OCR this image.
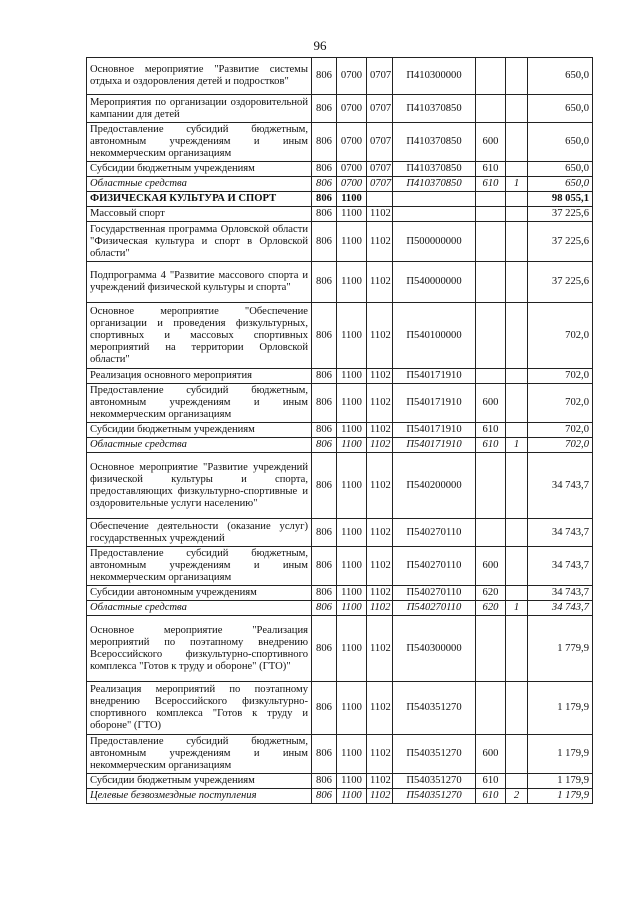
96
Основное мероприятие "Развитие системы отдыха и оздоровления детей и подростков"	806	0700	0707	П410300000			650,0
Мероприятия по организации оздоровительной кампании для детей	806	0700	0707	П410370850			650,0
Предоставление субсидий бюджетным, автономным учреждениям и иным некоммерческим организациям	806	0700	0707	П410370850	600		650,0
Субсидии бюджетным учреждениям	806	0700	0707	П410370850	610		650,0
Областные средства	806	0700	0707	П410370850	610	1	650,0
ФИЗИЧЕСКАЯ КУЛЬТУРА И СПОРТ	806	1100					98 055,1
Массовый спорт	806	1100	1102				37 225,6
Государственная программа Орловской области "Физическая культура и спорт в Орловской области"	806	1100	1102	П500000000			37 225,6
Подпрограмма 4 "Развитие массового спорта и учреждений физической культуры и спорта"	806	1100	1102	П540000000			37 225,6
Основное мероприятие "Обеспечение организации и проведения физкультурных, спортивных и массовых спортивных мероприятий на территории Орловской области"	806	1100	1102	П540100000			702,0
Реализация основного мероприятия	806	1100	1102	П540171910			702,0
Предоставление субсидий бюджетным, автономным учреждениям и иным некоммерческим организациям	806	1100	1102	П540171910	600		702,0
Субсидии бюджетным учреждениям	806	1100	1102	П540171910	610		702,0
Областные средства	806	1100	1102	П540171910	610	1	702,0
Основное мероприятие "Развитие учреждений физической культуры и спорта, предоставляющих физкультурно-спортивные и оздоровительные услуги населению"	806	1100	1102	П540200000			34 743,7
Обеспечение деятельности (оказание услуг) государственных учреждений	806	1100	1102	П540270110			34 743,7
Предоставление субсидий бюджетным, автономным учреждениям и иным некоммерческим организациям	806	1100	1102	П540270110	600		34 743,7
Субсидии автономным учреждениям	806	1100	1102	П540270110	620		34 743,7
Областные средства	806	1100	1102	П540270110	620	1	34 743,7
Основное мероприятие "Реализация мероприятий по поэтапному внедрению Всероссийского физкультурно-спортивного комплекса "Готов к труду и обороне" (ГТО)"	806	1100	1102	П540300000			1 779,9
Реализация мероприятий по поэтапному внедрению Всероссийского физкультурно-спортивного комплекса "Готов к труду и обороне" (ГТО)	806	1100	1102	П540351270			1 179,9
Предоставление субсидий бюджетным, автономным учреждениям и иным некоммерческим организациям	806	1100	1102	П540351270	600		1 179,9
Субсидии бюджетным учреждениям	806	1100	1102	П540351270	610		1 179,9
Целевые безвозмездные поступления	806	1100	1102	П540351270	610	2	1 179,9
